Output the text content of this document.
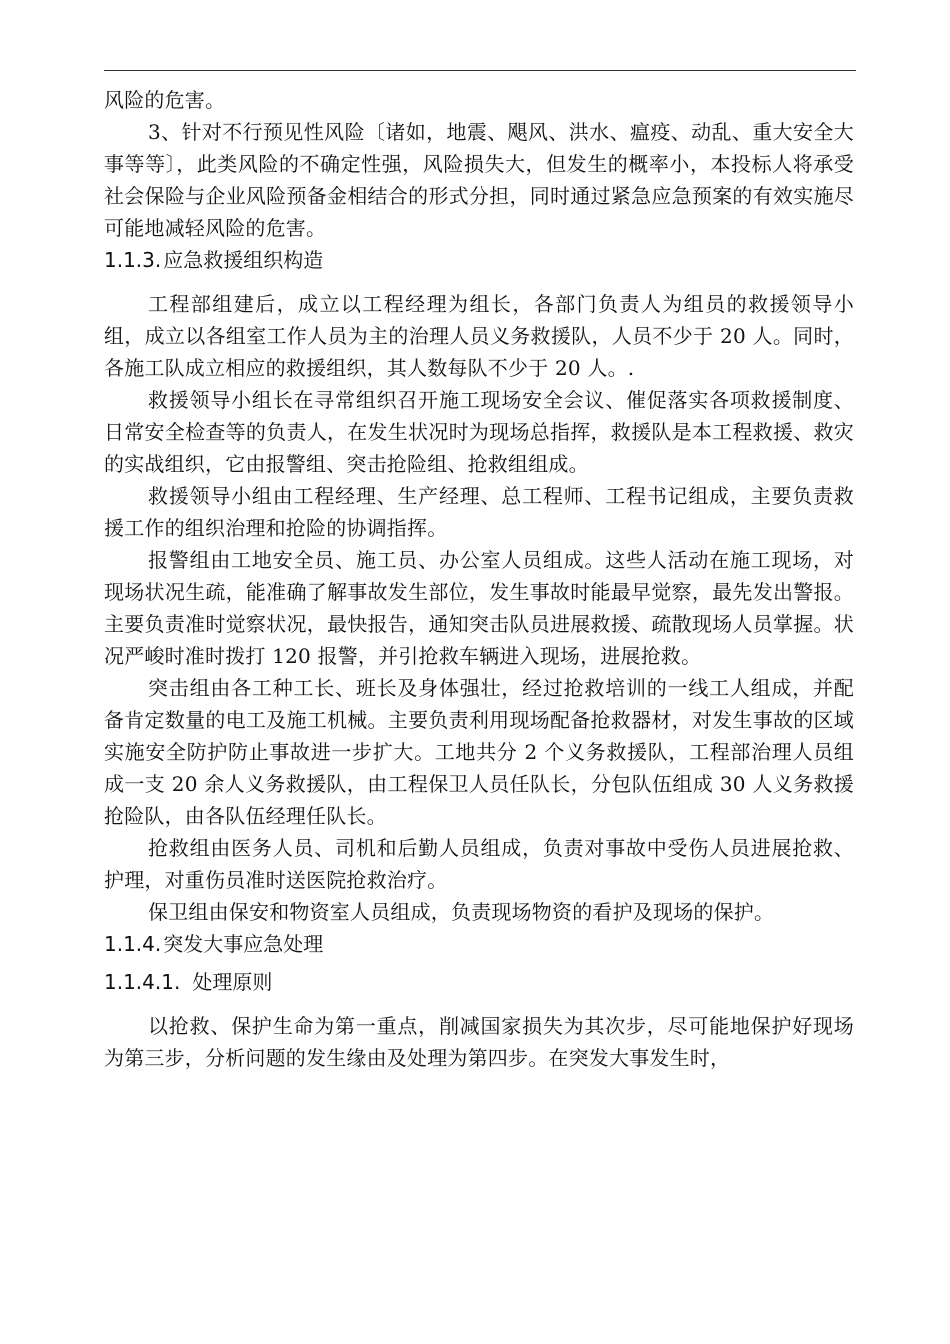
风险的危害。

3、针对不行预见性风险〔诸如，地震、飓风、洪水、瘟疫、动乱、重大安全大事等等〕，此类风险的不确定性强，风险损失大，但发生的概率小，本投标人将承受社会保险与企业风险预备金相结合的形式分担，同时通过紧急应急预案的有效实施尽可能地减轻风险的危害。

1.1.3. 应急救援组织构造

工程部组建后，成立以工程经理为组长，各部门负责人为组员的救援领导小组，成立以各组室工作人员为主的治理人员义务救援队，人员不少于 20 人。同时，各施工队成立相应的救援组织，其人数每队不少于 20 人。.

救援领导小组长在寻常组织召开施工现场安全会议、催促落实各项救援制度、日常安全检查等的负责人，在发生状况时为现场总指挥，救援队是本工程救援、救灾的实战组织，它由报警组、突击抢险组、抢救组组成。

救援领导小组由工程经理、生产经理、总工程师、工程书记组成，主要负责救援工作的组织治理和抢险的协调指挥。

报警组由工地安全员、施工员、办公室人员组成。这些人活动在施工现场，对现场状况生疏，能准确了解事故发生部位，发生事故时能最早觉察，最先发出警报。主要负责准时觉察状况，最快报告，通知突击队员进展救援、疏散现场人员掌握。状况严峻时准时拨打 120 报警，并引抢救车辆进入现场，进展抢救。

突击组由各工种工长、班长及身体强壮，经过抢救培训的一线工人组成，并配备肯定数量的电工及施工机械。主要负责利用现场配备抢救器材，对发生事故的区域实施安全防护防止事故进一步扩大。工地共分 2 个义务救援队，工程部治理人员组成一支 20 余人义务救援队，由工程保卫人员任队长，分包队伍组成 30 人义务救援抢险队，由各队伍经理任队长。

抢救组由医务人员、司机和后勤人员组成，负责对事故中受伤人员进展抢救、护理，对重伤员准时送医院抢救治疗。

保卫组由保安和物资室人员组成，负责现场物资的看护及现场的保护。

1.1.4. 突发大事应急处理
1.1.4.1. 处理原则

以抢救、保护生命为第一重点，削减国家损失为其次步，尽可能地保护好现场为第三步，分析问题的发生缘由及处理为第四步。在突发大事发生时，
